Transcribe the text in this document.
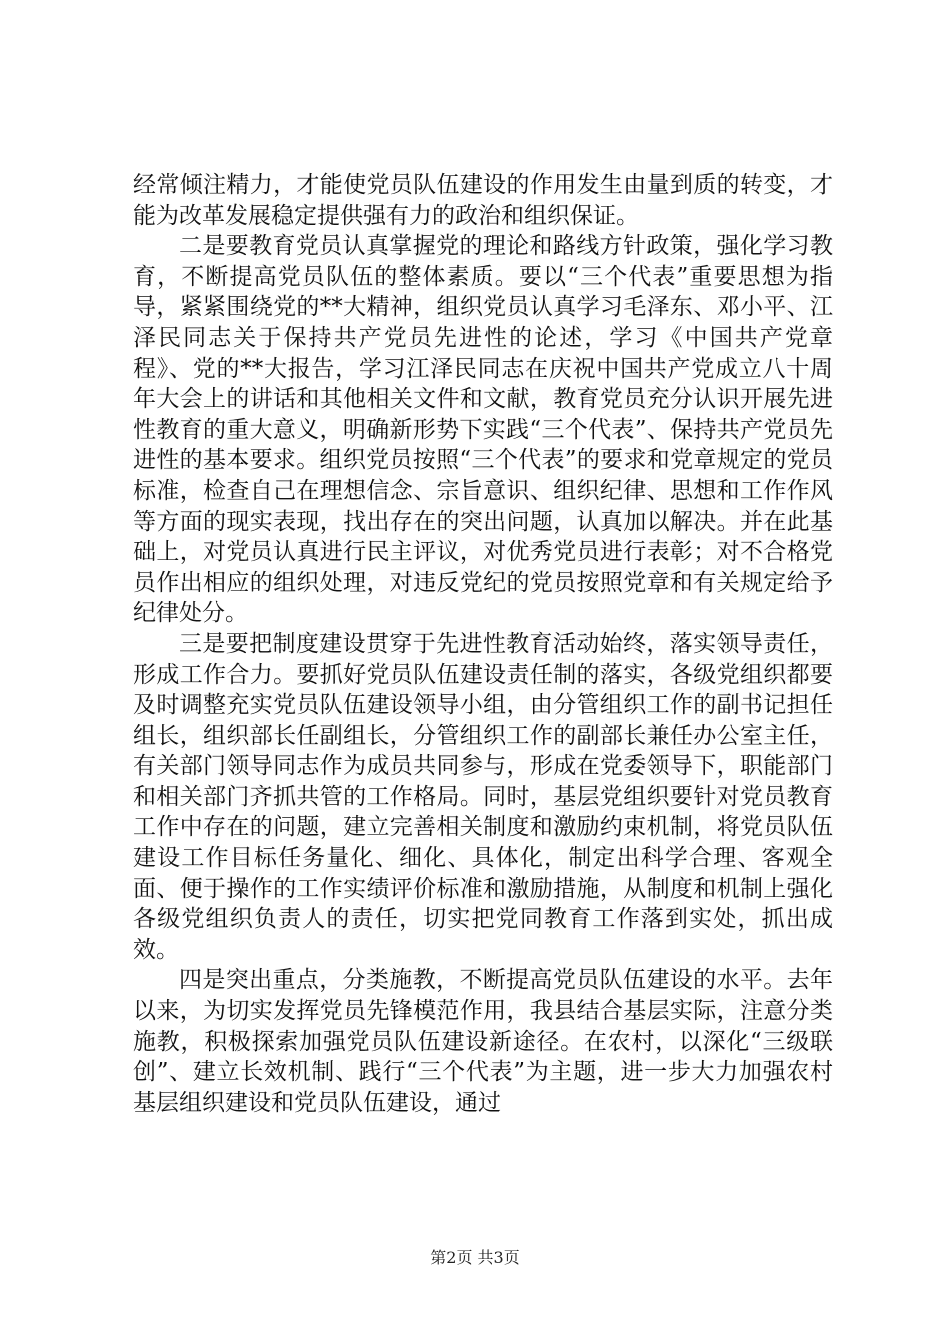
经常倾注精力，才能使党员队伍建设的作用发生由量到质的转变，才能为改革发展稳定提供强有力的政治和组织保证。

二是要教育党员认真掌握党的理论和路线方针政策，强化学习教育，不断提高党员队伍的整体素质。要以“三个代表”重要思想为指导，紧紧围绕党的**大精神，组织党员认真学习毛泽东、邓小平、江泽民同志关于保持共产党员先进性的论述，学习《中国共产党章程》、党的**大报告，学习江泽民同志在庆祝中国共产党成立八十周年大会上的讲话和其他相关文件和文献，教育党员充分认识开展先进性教育的重大意义，明确新形势下实践“三个代表”、保持共产党员先进性的基本要求。组织党员按照“三个代表”的要求和党章规定的党员标准，检查自己在理想信念、宗旨意识、组织纪律、思想和工作作风等方面的现实表现，找出存在的突出问题，认真加以解决。并在此基础上，对党员认真进行民主评议，对优秀党员进行表彰；对不合格党员作出相应的组织处理，对违反党纪的党员按照党章和有关规定给予纪律处分。

三是要把制度建设贯穿于先进性教育活动始终，落实领导责任，形成工作合力。要抓好党员队伍建设责任制的落实，各级党组织都要及时调整充实党员队伍建设领导小组，由分管组织工作的副书记担任组长，组织部长任副组长，分管组织工作的副部长兼任办公室主任，有关部门领导同志作为成员共同参与，形成在党委领导下，职能部门和相关部门齐抓共管的工作格局。同时，基层党组织要针对党员教育工作中存在的问题，建立完善相关制度和激励约束机制，将党员队伍建设工作目标任务量化、细化、具体化，制定出科学合理、客观全面、便于操作的工作实绩评价标准和激励措施，从制度和机制上强化各级党组织负责人的责任，切实把党同教育工作落到实处，抓出成效。

四是突出重点，分类施教，不断提高党员队伍建设的水平。去年以来，为切实发挥党员先锋模范作用，我县结合基层实际，注意分类施教，积极探索加强党员队伍建设新途径。在农村，以深化“三级联创”、建立长效机制、践行“三个代表”为主题，进一步大力加强农村基层组织建设和党员队伍建设，通过

第2页 共3页
